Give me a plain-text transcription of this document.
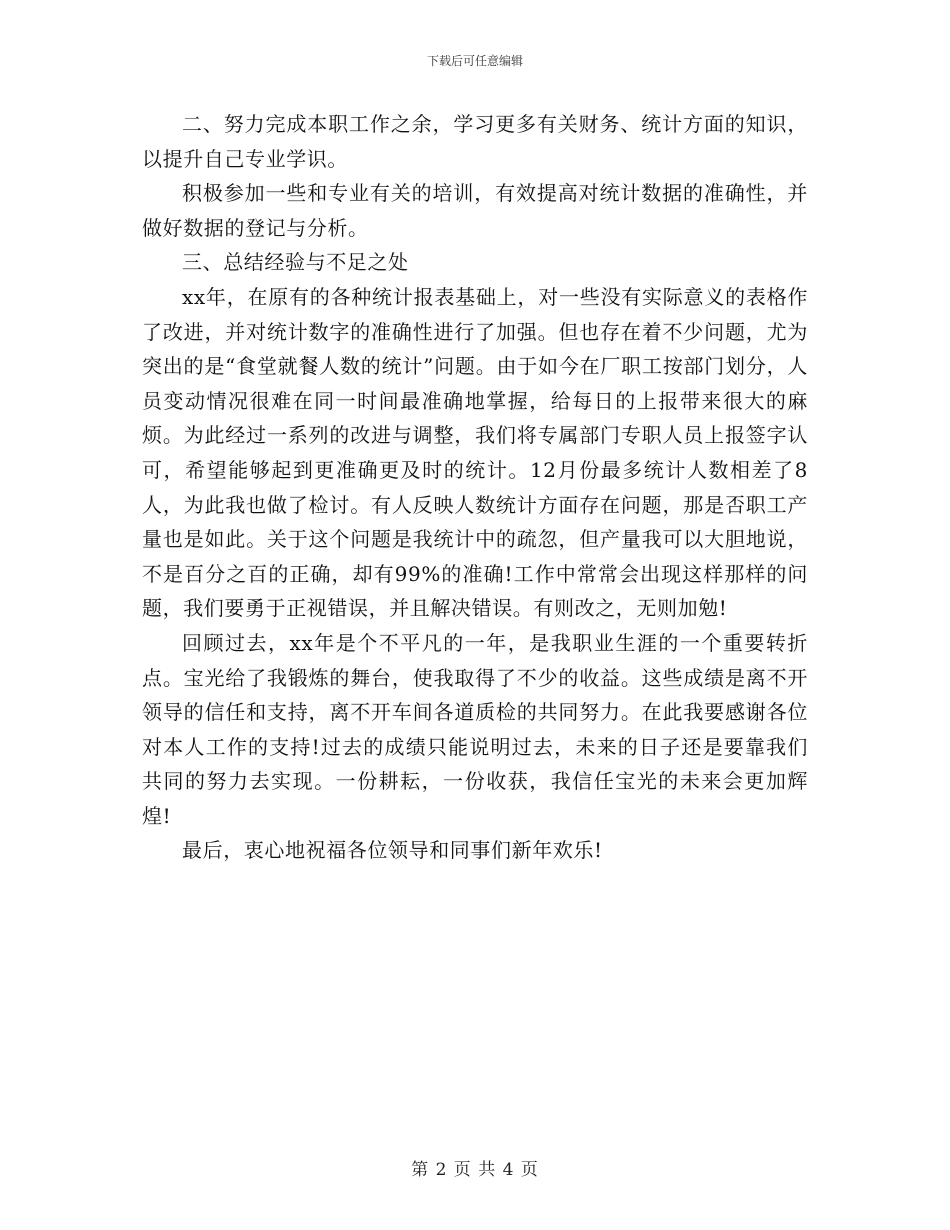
下载后可任意编辑

二、努力完成本职工作之余，学习更多有关财务、统计方面的知识，以提升自己专业学识。

积极参加一些和专业有关的培训，有效提高对统计数据的准确性，并做好数据的登记与分析。

三、总结经验与不足之处

xx年，在原有的各种统计报表基础上，对一些没有实际意义的表格作了改进，并对统计数字的准确性进行了加强。但也存在着不少问题，尤为突出的是“食堂就餐人数的统计”问题。由于如今在厂职工按部门划分，人员变动情况很难在同一时间最准确地掌握，给每日的上报带来很大的麻烦。为此经过一系列的改进与调整，我们将专属部门专职人员上报签字认可，希望能够起到更准确更及时的统计。12月份最多统计人数相差了8人，为此我也做了检讨。有人反映人数统计方面存在问题，那是否职工产量也是如此。关于这个问题是我统计中的疏忽，但产量我可以大胆地说，不是百分之百的正确，却有99%的准确!工作中常常会出现这样那样的问题，我们要勇于正视错误，并且解决错误。有则改之，无则加勉!

回顾过去，xx年是个不平凡的一年，是我职业生涯的一个重要转折点。宝光给了我锻炼的舞台，使我取得了不少的收益。这些成绩是离不开领导的信任和支持，离不开车间各道质检的共同努力。在此我要感谢各位对本人工作的支持!过去的成绩只能说明过去，未来的日子还是要靠我们共同的努力去实现。一份耕耘，一份收获，我信任宝光的未来会更加辉煌!

最后，衷心地祝福各位领导和同事们新年欢乐!

第 2 页 共 4 页
